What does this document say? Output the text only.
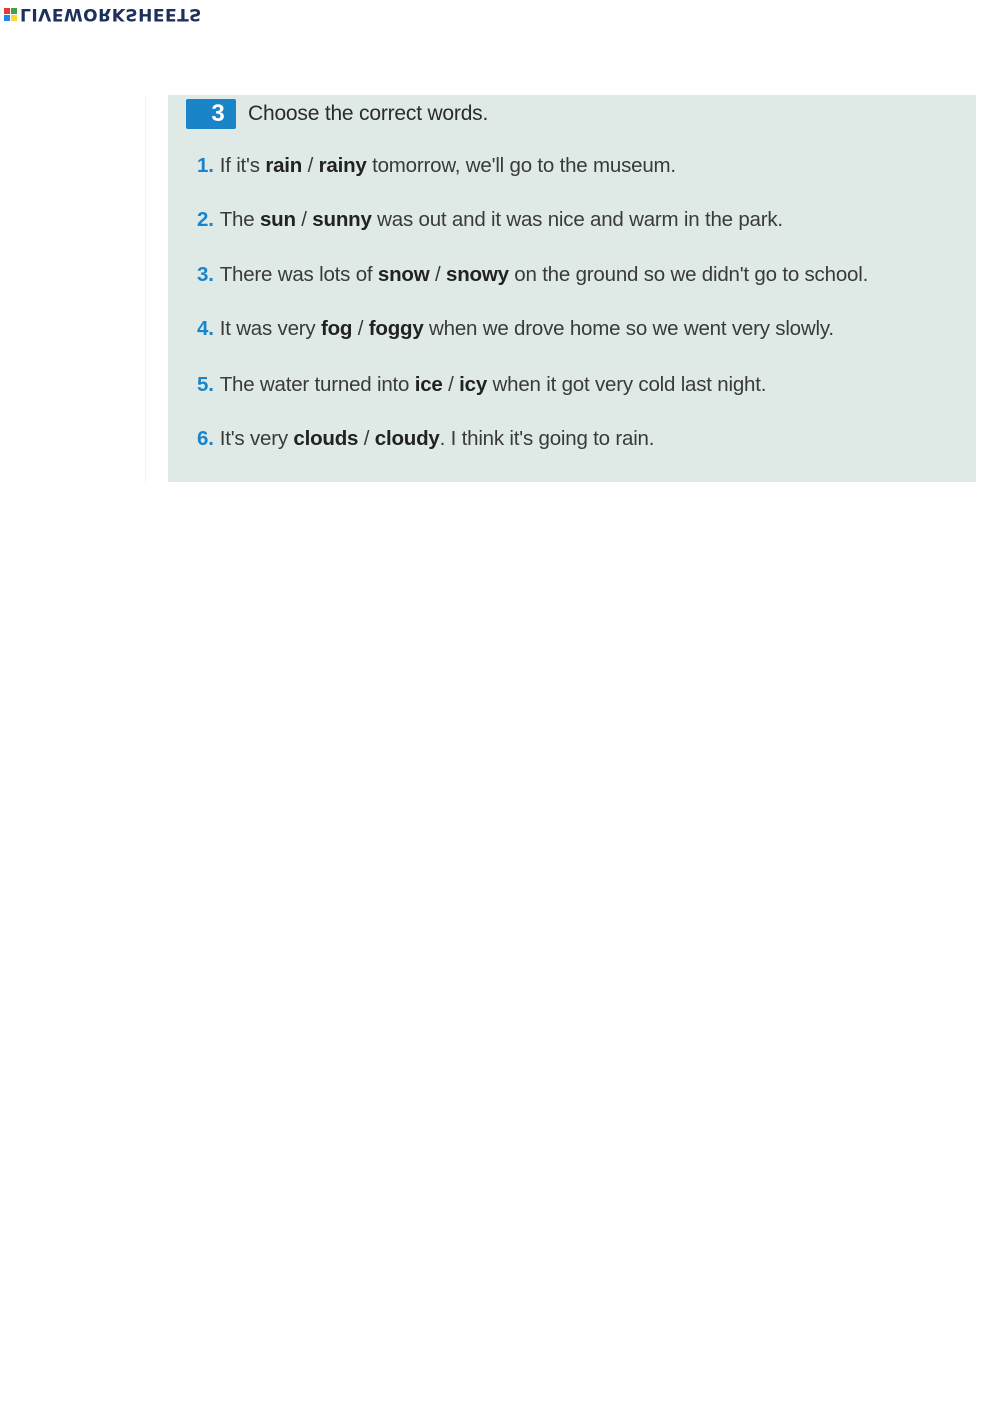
LIVEWORKSHEETS
3	Choose the correct words.
1. If it's rain / rainy tomorrow, we'll go to the museum.
2. The sun / sunny was out and it was nice and warm in the park.
3. There was lots of snow / snowy on the ground so we didn't go to school.
4. It was very fog / foggy when we drove home so we went very slowly.
5. The water turned into ice / icy when it got very cold last night.
6. It's very clouds / cloudy. I think it's going to rain.
